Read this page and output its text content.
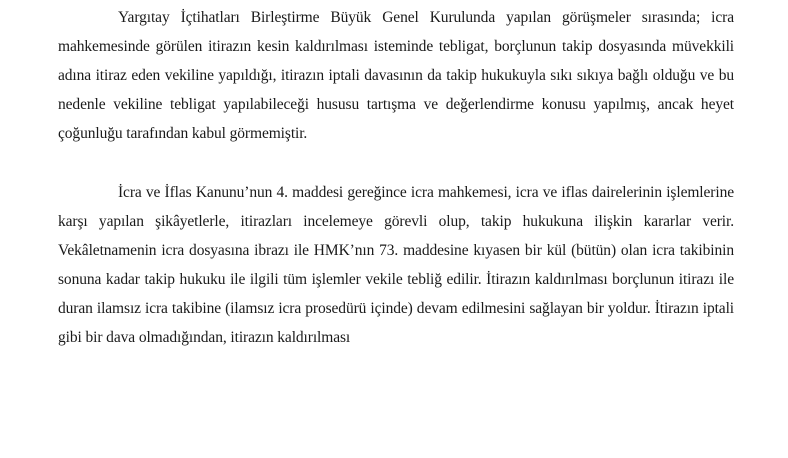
Yargıtay İçtihatları Birleştirme Büyük Genel Kurulunda yapılan görüşmeler sırasında; icra mahkemesinde görülen itirazın kesin kaldırılması isteminde tebligat, borçlunun takip dosyasında müvekkili adına itiraz eden vekiline yapıldığı, itirazın iptali davasının da takip hukukuyla sıkı sıkıya bağlı olduğu ve bu nedenle vekiline tebligat yapılabileceği hususu tartışma ve değerlendirme konusu yapılmış, ancak heyet çoğunluğu tarafından kabul görmemiştir.

İcra ve İflas Kanunu’nun 4. maddesi gereğince icra mahkemesi, icra ve iflas dairelerinin işlemlerine karşı yapılan şikâyetlerle, itirazları incelemeye görevli olup, takip hukukuna ilişkin kararlar verir. Vekâletnamenin icra dosyasına ibrazı ile HMK’nın 73. maddesine kıyasen bir kül (bütün) olan icra takibinin sonuna kadar takip hukuku ile ilgili tüm işlemler vekile tebliğ edilir. İtirazın kaldırılması borçlunun itirazı ile duran ilamsız icra takibine (ilamsız icra prosedürü içinde) devam edilmesini sağlayan bir yoldur. İtirazın iptali gibi bir dava olmadığından, itirazın kaldırılması
